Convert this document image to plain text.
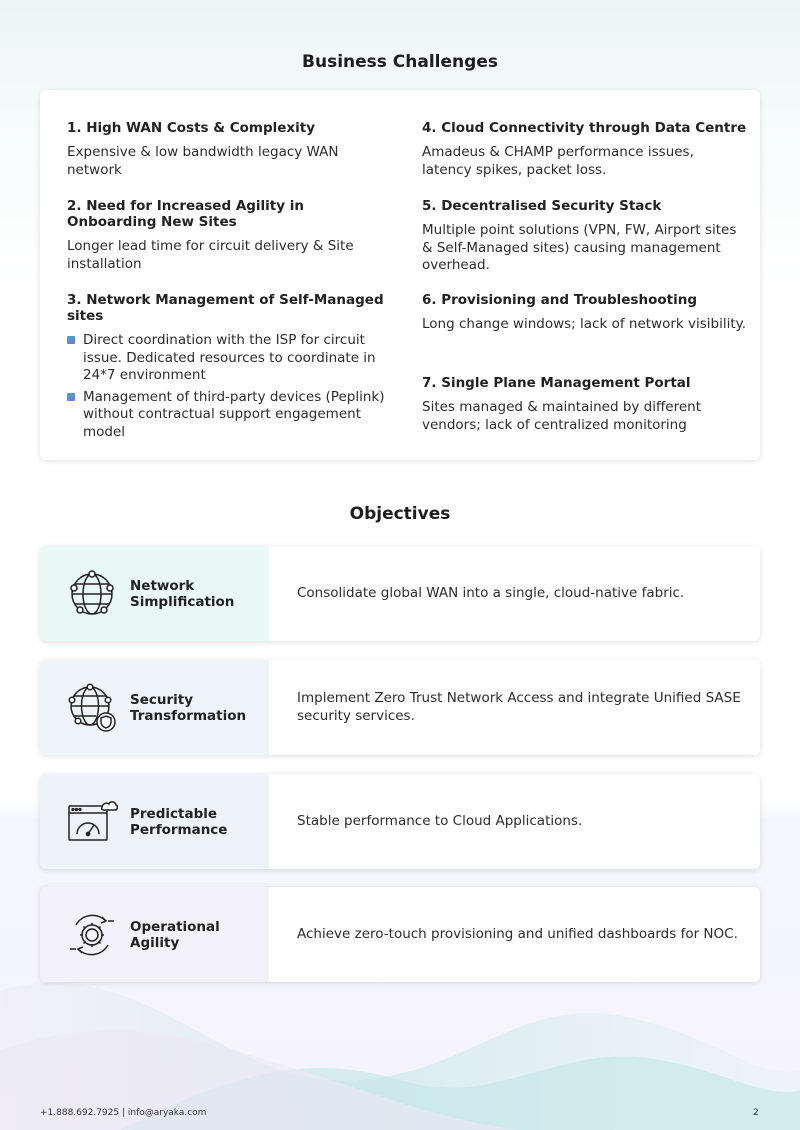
Business Challenges

1. High WAN Costs & Complexity

Expensive & low bandwidth legacy WAN network

2. Need for Increased Agility in Onboarding New Sites

Longer lead time for circuit delivery & Site installation

3. Network Management of Self-Managed sites

Direct coordination with the ISP for circuit issue. Dedicated resources to coordinate in 24*7 environment
Management of third-party devices (Peplink) without contractual support engagement model

4. Cloud Connectivity through Data Centre

Amadeus & CHAMP performance issues, latency spikes, packet loss.

5. Decentralised Security Stack

Multiple point solutions (VPN, FW, Airport sites & Self-Managed sites) causing management overhead.

6. Provisioning and Troubleshooting

Long change windows; lack of network visibility.

7. Single Plane Management Portal

Sites managed & maintained by different vendors; lack of centralized monitoring

Objectives
Network Simplification
Consolidate global WAN into a single, cloud-native fabric.
Security Transformation
Implement Zero Trust Network Access and integrate Unified SASE security services.
Predictable Performance
Stable performance to Cloud Applications.
Operational Agility
Achieve zero-touch provisioning and unified dashboards for NOC.
+1.888.692.7925 | info@aryaka.com	2
